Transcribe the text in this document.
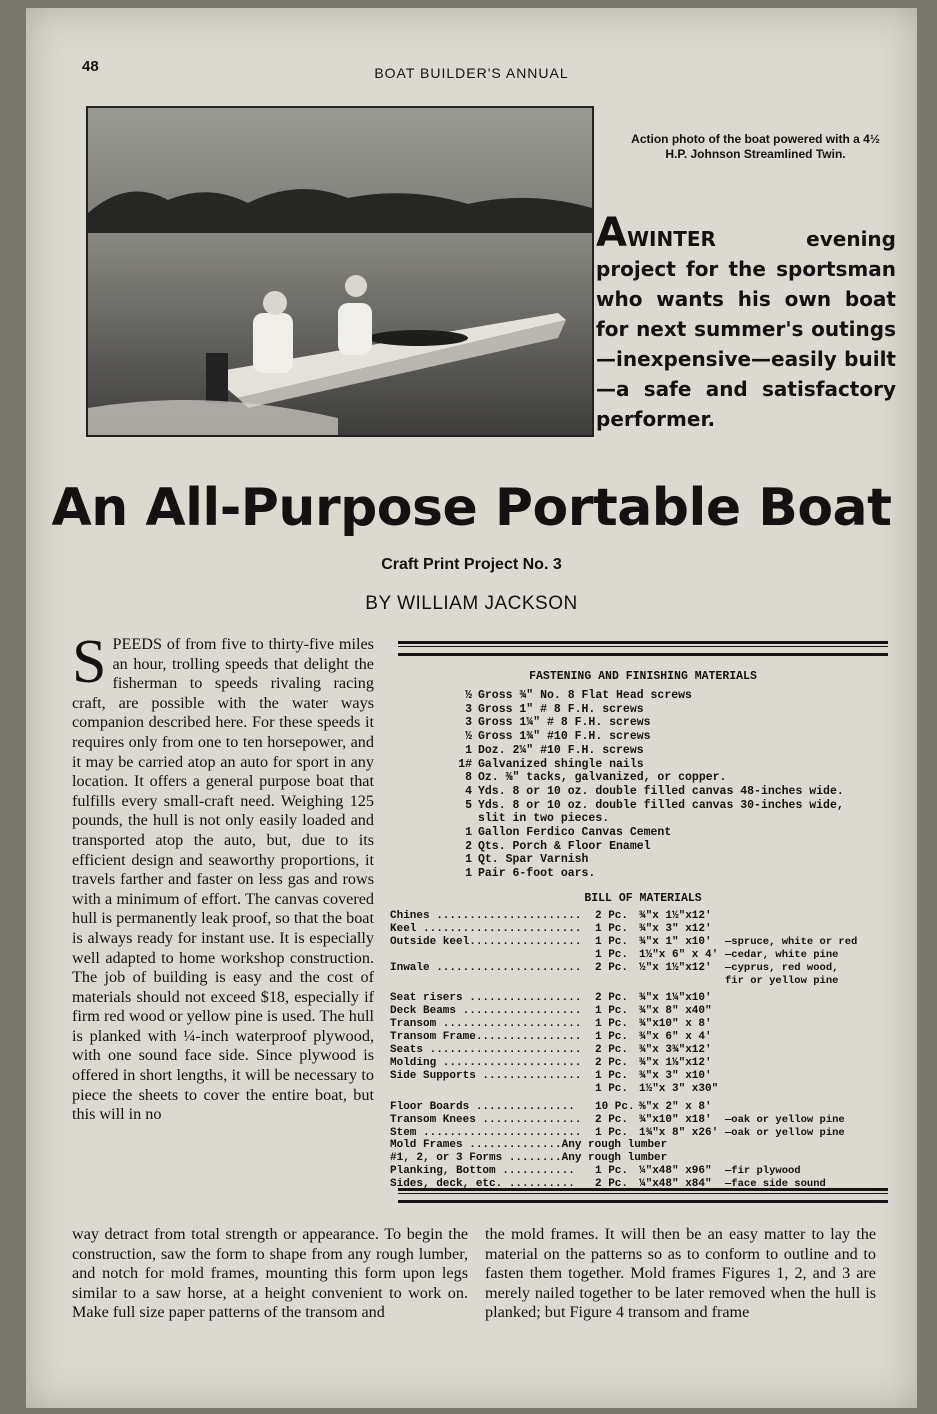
48	BOAT BUILDER'S ANNUAL
Action photo of the boat powered with a 4½ H.P. Johnson Streamlined Twin.
AWINTER evening project for the sportsman who wants his own boat for next summer's outings—inexpensive—easily built—a safe and satisfactory performer.
An All-Purpose Portable Boat
Craft Print Project No. 3
BY WILLIAM JACKSON
SPEEDS of from five to thirty-five miles an hour, trolling speeds that delight the fisherman to speeds rivaling racing craft, are possible with the water ways companion described here. For these speeds it requires only from one to ten horsepower, and it may be carried atop an auto for sport in any location. It offers a general purpose boat that fulfills every small-craft need. Weighing 125 pounds, the hull is not only easily loaded and transported atop the auto, but, due to its efficient design and seaworthy proportions, it travels farther and faster on less gas and rows with a minimum of effort. The canvas covered hull is permanently leak proof, so that the boat is always ready for instant use. It is especially well adapted to home workshop construction. The job of building is easy and the cost of materials should not exceed $18, especially if firm red wood or yellow pine is used. The hull is planked with ¼-inch waterproof plywood, with one sound face side. Since plywood is offered in short lengths, it will be necessary to piece the sheets to cover the entire boat, but this will in no
FASTENING AND FINISHING MATERIALS
½ Gross ¾" No. 8 Flat Head screws
3 Gross 1" # 8 F.H. screws
3 Gross 1¼" # 8 F.H. screws
½ Gross 1¾" #10 F.H. screws
1 Doz. 2¼" #10 F.H. screws
1# Galvanized shingle nails
8 Oz. ⅜" tacks, galvanized, or copper.
4 Yds. 8 or 10 oz. double filled canvas 48-inches wide.
5 Yds. 8 or 10 oz. double filled canvas 30-inches wide,
slit in two pieces.
1 Gallon Ferdico Canvas Cement
2 Qts. Porch & Floor Enamel
1 Qt. Spar Varnish
1 Pair 6-foot oars.
BILL OF MATERIALS
Chines ......................	2 Pc. ¾"x 1½"x12'
Keel ........................	1 Pc. ¾"x 3" x12'
Outside keel.................	1 Pc. ¾"x 1" x10'	—spruce, white or red
1 Pc. 1½"x 6" x 4' —cedar, white pine
Inwale ......................	2 Pc. ½"x 1½"x12'	—cyprus, red wood,
fir or yellow pine
Seat risers .................	2 Pc. ¾"x 1¼"x10'
Deck Beams ..................	1 Pc. ¾"x 8" x40"
Transom .....................	1 Pc. ¾"x10" x 8'
Transom Frame................	1 Pc. ¾"x 6" x 4'
Seats .......................	2 Pc. ¾"x 3¾"x12'
Molding .....................	2 Pc. ¾"x 1⅛"x12'
Side Supports ...............	1 Pc. ¾"x 3" x10'
1 Pc. 1½"x 3" x30"
Floor Boards ...............	10 Pc. ⅜"x 2" x 8'
Transom Knees ...............	2 Pc. ¾"x10" x18'	—oak or yellow pine
Stem ........................	1 Pc. 1¾"x 8" x26' —oak or yellow pine
Mold Frames ..............Any rough lumber
#1, 2, or 3 Forms ........Any rough lumber
Planking, Bottom ...........	1 Pc. ¼"x48" x96"	—fir plywood
Sides, deck, etc. ..........	2 Pc. ¼"x48" x84"	—face side sound
way detract from total strength or appearance. To begin the construction, saw the form to shape from any rough lumber, and notch for mold frames, mounting this form upon legs similar to a saw horse, at a height convenient to work on. Make full size paper patterns of the transom and
the mold frames. It will then be an easy matter to lay the material on the patterns so as to conform to outline and to fasten them together. Mold frames Figures 1, 2, and 3 are merely nailed together to be later removed when the hull is planked; but Figure 4 transom and frame
